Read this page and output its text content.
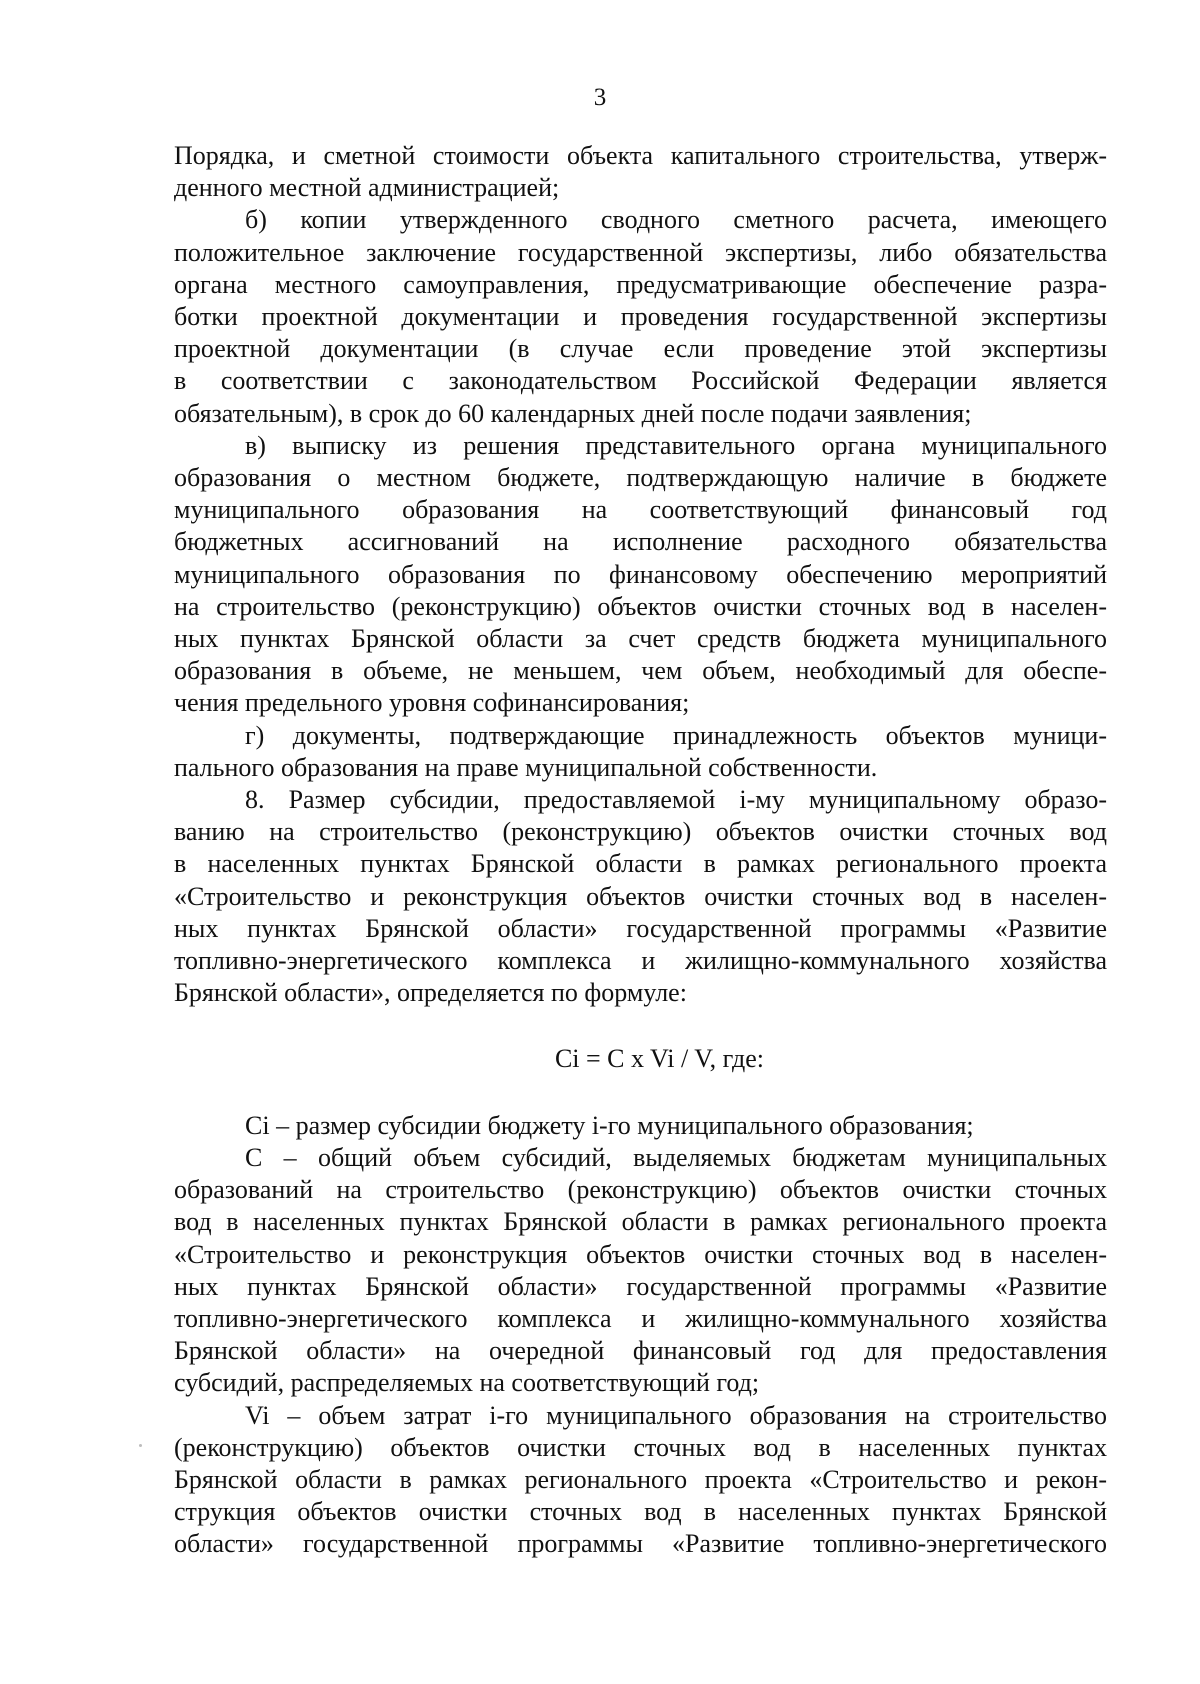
3

Порядка, и сметной стоимости объекта капитального строительства, утверж-

денного местной администрацией;

б) копии утвержденного сводного сметного расчета, имеющего

положительное заключение государственной экспертизы, либо обязательства

органа местного самоуправления, предусматривающие обеспечение разра-

ботки проектной документации и проведения государственной экспертизы

проектной документации (в случае если проведение этой экспертизы

в соответствии с законодательством Российской Федерации является

обязательным), в срок до 60 календарных дней после подачи заявления;

в) выписку из решения представительного органа муниципального

образования о местном бюджете, подтверждающую наличие в бюджете

муниципального образования на соответствующий финансовый год

бюджетных ассигнований на исполнение расходного обязательства

муниципального образования по финансовому обеспечению мероприятий

на строительство (реконструкцию) объектов очистки сточных вод в населен-

ных пунктах Брянской области за счет средств бюджета муниципального

образования в объеме, не меньшем, чем объем, необходимый для обеспе-

чения предельного уровня софинансирования;

г) документы, подтверждающие принадлежность объектов муници-

пального образования на праве муниципальной собственности.

8. Размер субсидии, предоставляемой i-му муниципальному образо-

ванию на строительство (реконструкцию) объектов очистки сточных вод

в населенных пунктах Брянской области в рамках регионального проекта

«Строительство и реконструкция объектов очистки сточных вод в населен-

ных пунктах Брянской области» государственной программы «Развитие

топливно-энергетического комплекса и жилищно-коммунального хозяйства

Брянской области», определяется по формуле:

Ci = C x Vi / V, где:

Ci – размер субсидии бюджету i-го муниципального образования;

C – общий объем субсидий, выделяемых бюджетам муниципальных

образований на строительство (реконструкцию) объектов очистки сточных

вод в населенных пунктах Брянской области в рамках регионального проекта

«Строительство и реконструкция объектов очистки сточных вод в населен-

ных пунктах Брянской области» государственной программы «Развитие

топливно-энергетического комплекса и жилищно-коммунального хозяйства

Брянской области» на очередной финансовый год для предоставления

субсидий, распределяемых на соответствующий год;

Vi – объем затрат i-го муниципального образования на строительство

(реконструкцию) объектов очистки сточных вод в населенных пунктах

Брянской области в рамках регионального проекта «Строительство и рекон-

струкция объектов очистки сточных вод в населенных пунктах Брянской

области» государственной программы «Развитие топливно-энергетического
